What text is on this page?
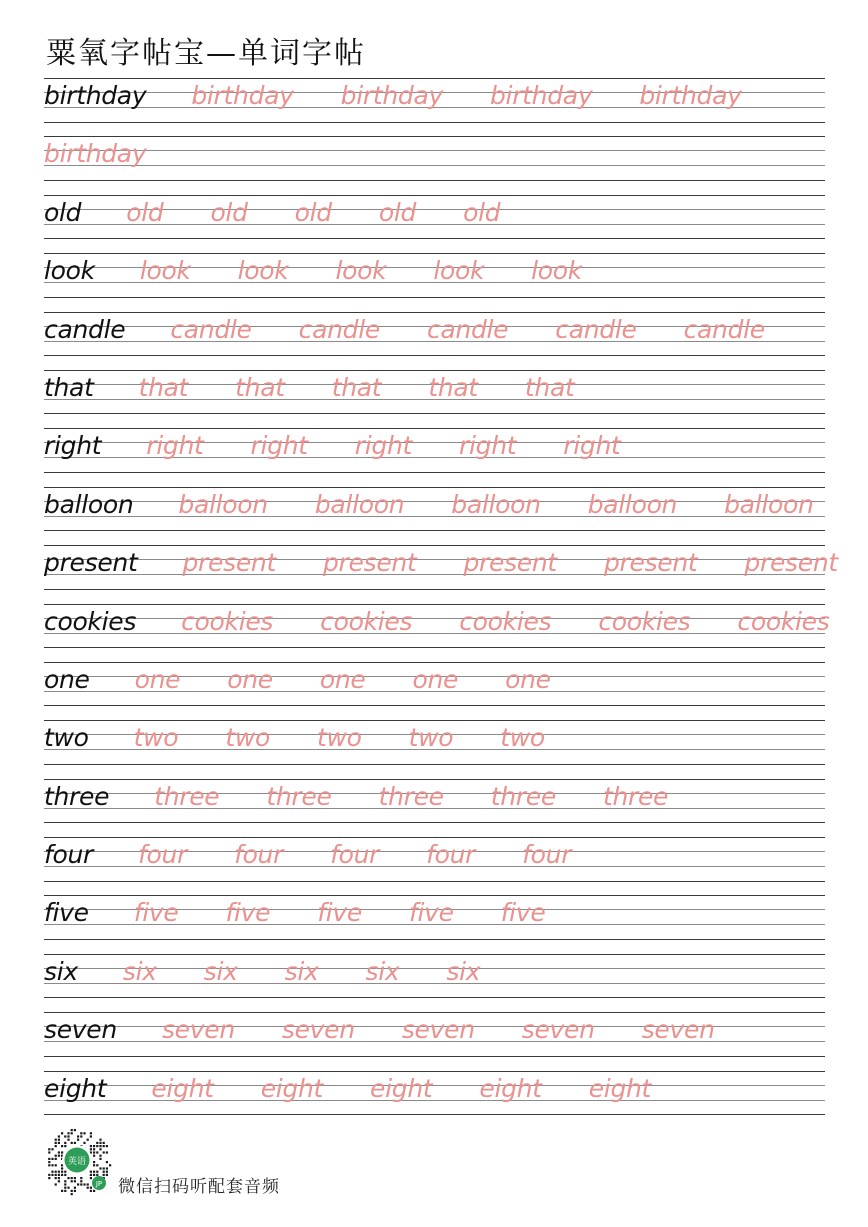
粟氧字帖宝—单词字帖
birthday birthday birthday birthday birthday
birthday
old old old old old old
look look look look look look
candle candle candle candle candle candle
that that that that that that
right right right right right right
balloon balloon balloon balloon balloon balloon
present present present present present present
cookies cookies cookies cookies cookies cookies
one one one one one one
two two two two two two
three three three three three three
four four four four four four
five five five five five five
six six six six six six
seven seven seven seven seven seven
eight eight eight eight eight eight
英语
JP 微信扫码听配套音频
